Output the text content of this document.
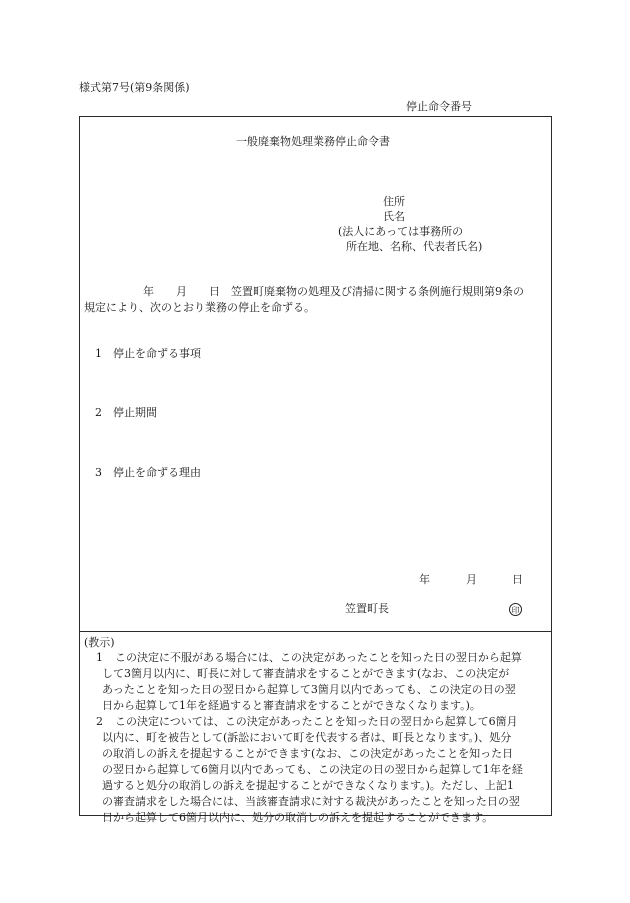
様式第7号(第9条関係)
停止命令番号
一般廃棄物処理業務停止命令書
住所
氏名
(法人にあっては事務所の
所在地、名称、代表者氏名)
年　　月　　日　笠置町廃棄物の処理及び清掃に関する条例施行規則第9条の
規定により、次のとおり業務の停止を命ずる。
1 停止を命ずる事項
2 停止期間
3 停止を命ずる理由
年	月	日
笠置町長	印
(教示)
1 この決定に不服がある場合には、この決定があったことを知った日の翌日から起算
して3箇月以内に、町長に対して審査請求をすることができます(なお、この決定が
あったことを知った日の翌日から起算して3箇月以内であっても、この決定の日の翌
日から起算して1年を経過すると審査請求をすることができなくなります。)。
2 この決定については、この決定があったことを知った日の翌日から起算して6箇月
以内に、町を被告として(訴訟において町を代表する者は、町長となります。)、処分
の取消しの訴えを提起することができます(なお、この決定があったことを知った日
の翌日から起算して6箇月以内であっても、この決定の日の翌日から起算して1年を経
過すると処分の取消しの訴えを提起することができなくなります。)。ただし、上記1
の審査請求をした場合には、当該審査請求に対する裁決があったことを知った日の翌
日から起算して6箇月以内に、処分の取消しの訴えを提起することができます。
